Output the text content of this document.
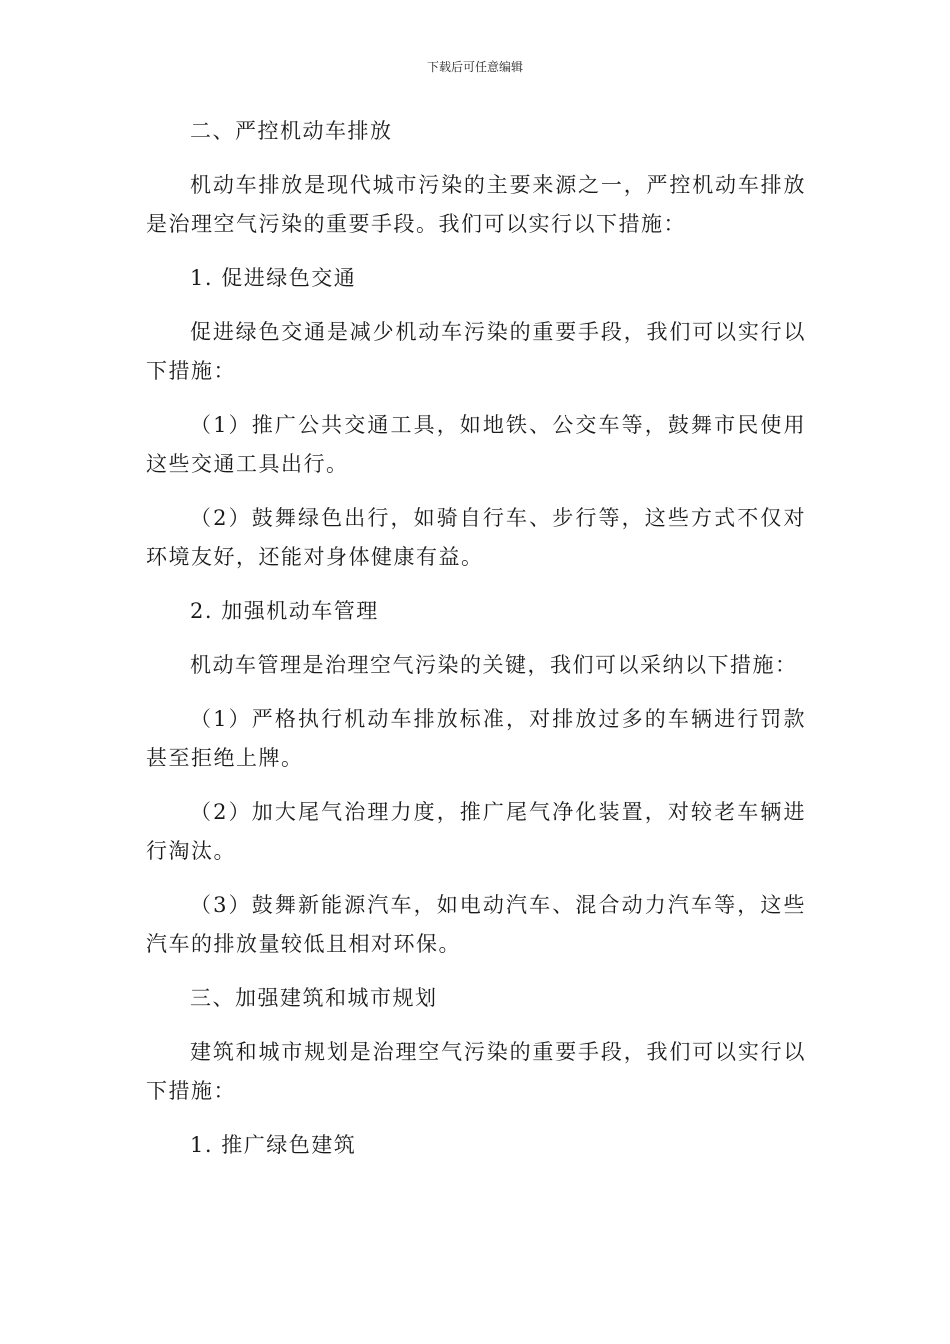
下载后可任意编辑

二、严控机动车排放

机动车排放是现代城市污染的主要来源之一，严控机动车排放是治理空气污染的重要手段。我们可以实行以下措施：

1. 促进绿色交通

促进绿色交通是减少机动车污染的重要手段，我们可以实行以下措施：

（1）推广公共交通工具，如地铁、公交车等，鼓舞市民使用这些交通工具出行。

（2）鼓舞绿色出行，如骑自行车、步行等，这些方式不仅对环境友好，还能对身体健康有益。

2. 加强机动车管理

机动车管理是治理空气污染的关键，我们可以采纳以下措施：

（1）严格执行机动车排放标准，对排放过多的车辆进行罚款甚至拒绝上牌。

（2）加大尾气治理力度，推广尾气净化装置，对较老车辆进行淘汰。

（3）鼓舞新能源汽车，如电动汽车、混合动力汽车等，这些汽车的排放量较低且相对环保。

三、加强建筑和城市规划

建筑和城市规划是治理空气污染的重要手段，我们可以实行以下措施：

1. 推广绿色建筑
